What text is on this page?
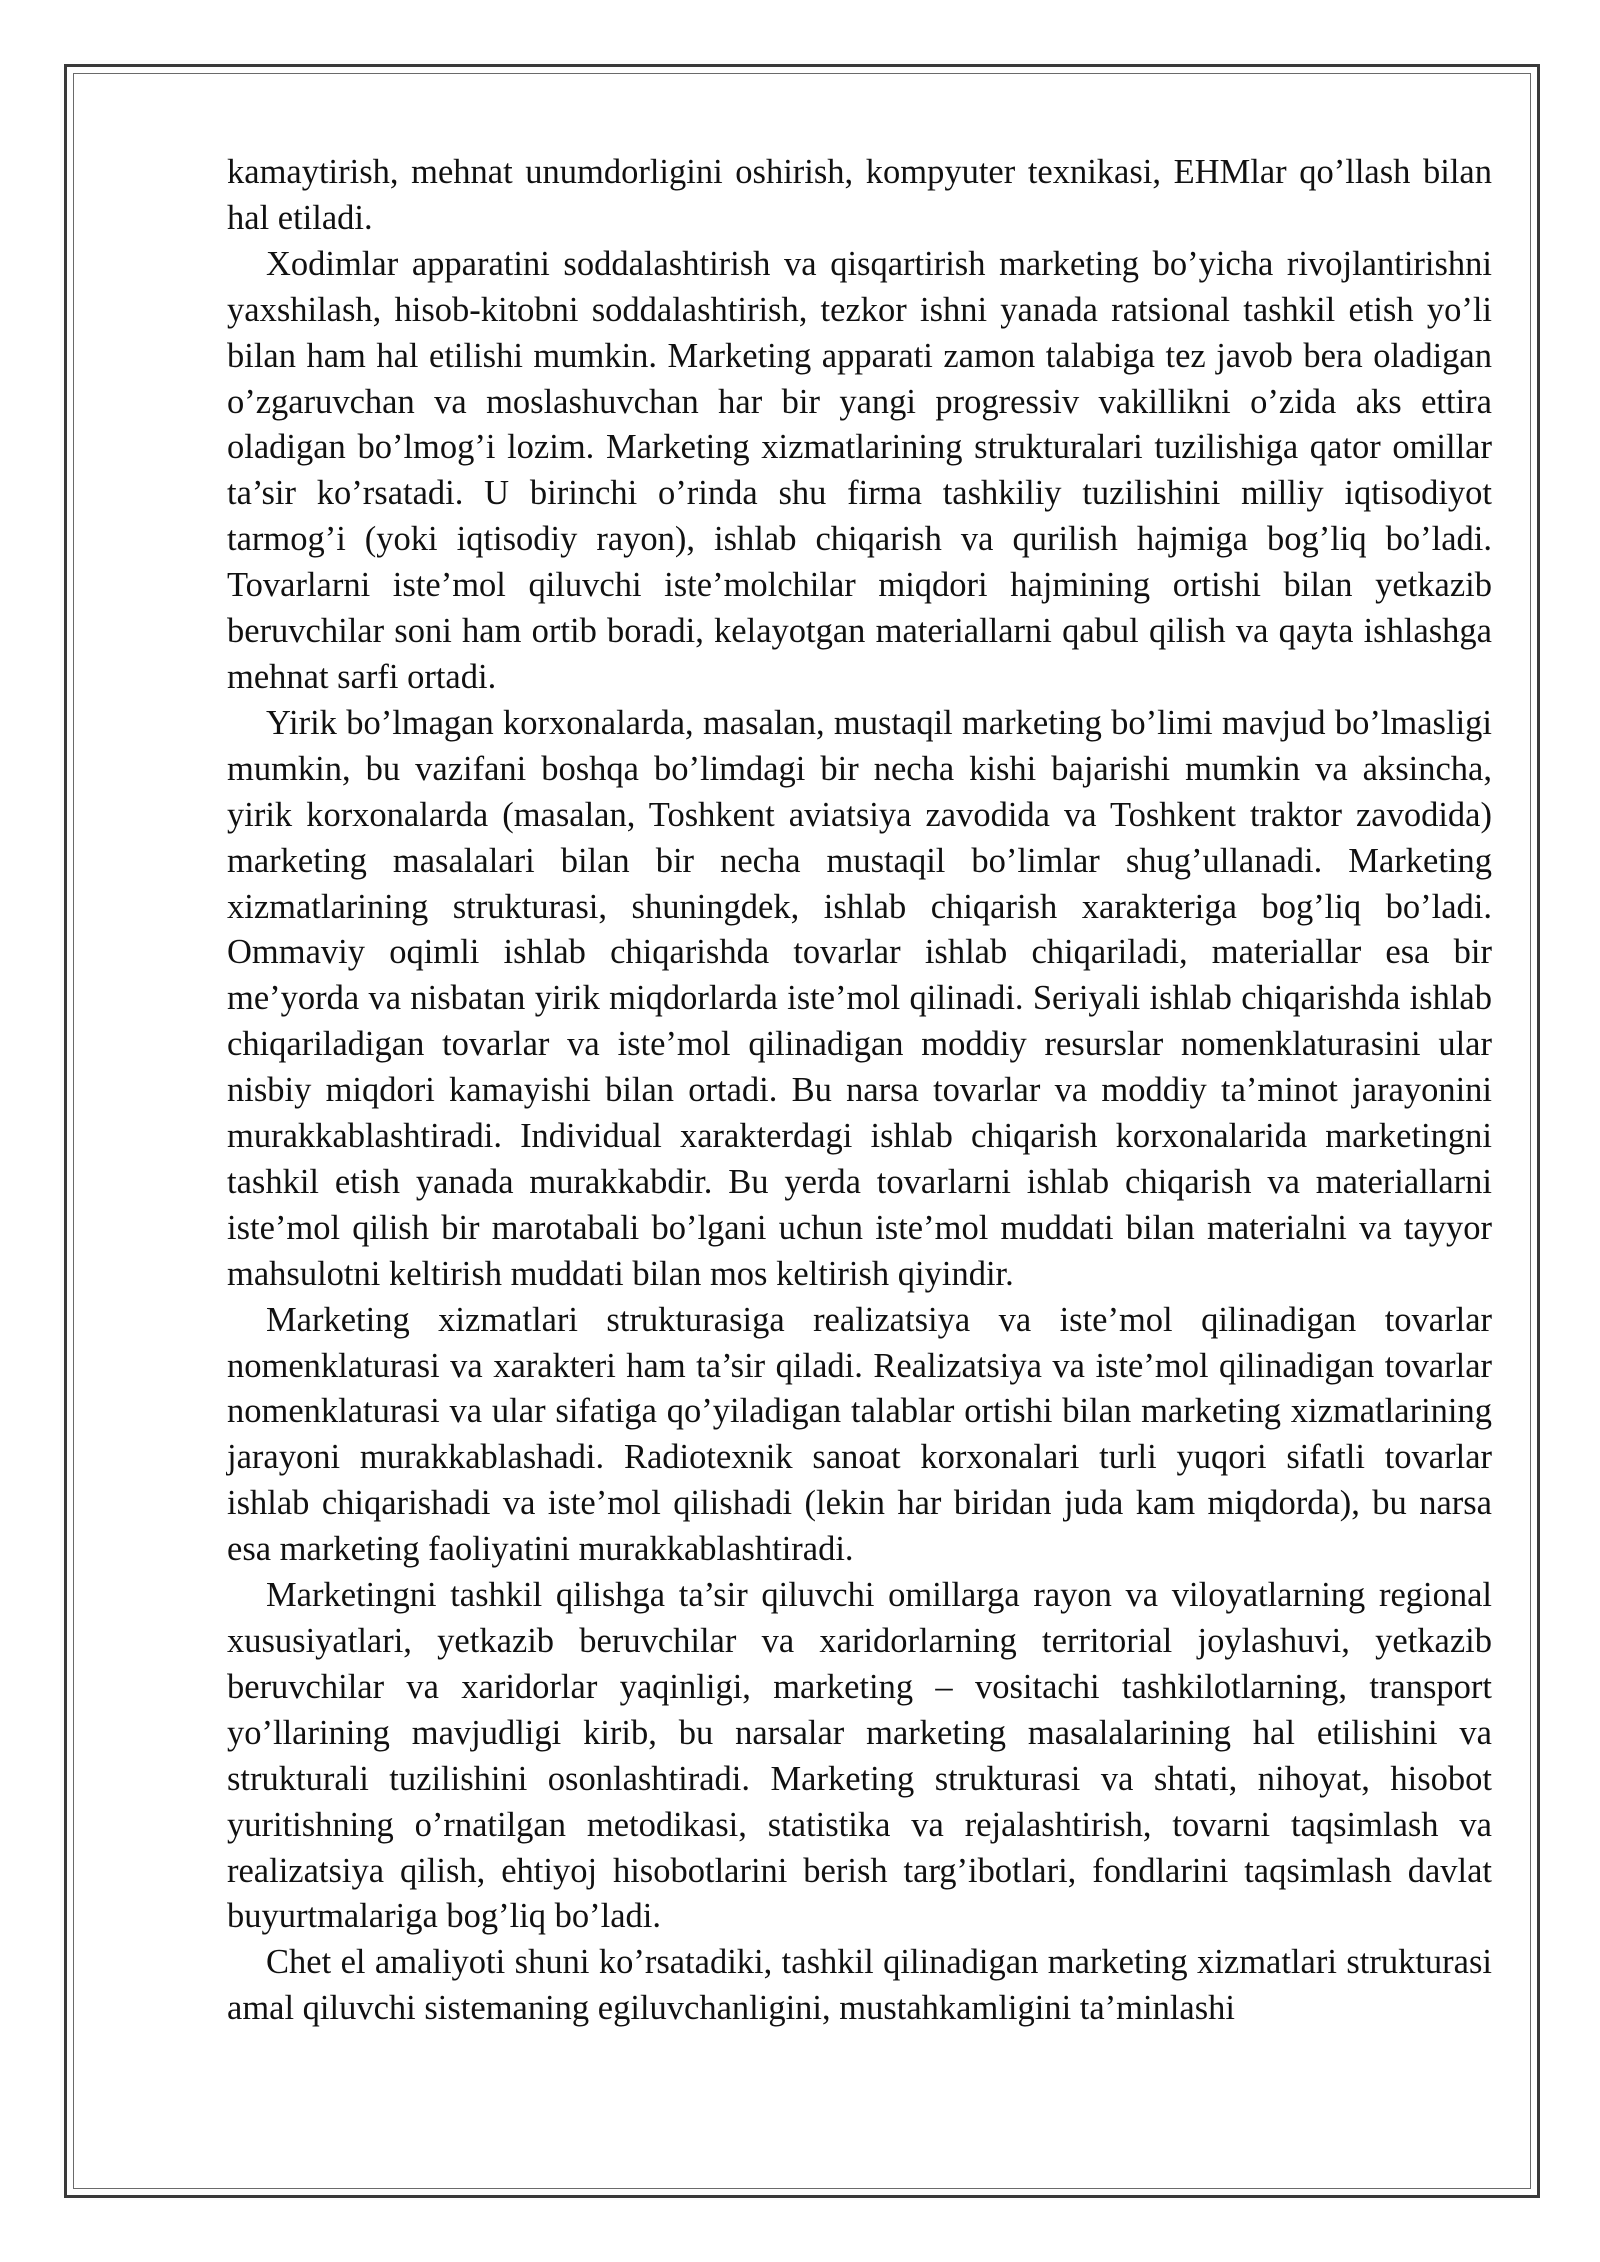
kamaytirish, mehnat unumdorligini oshirish, kompyuter texnikasi, EHMlar qo’llash bilan hal etiladi.

Xodimlar apparatini soddalashtirish va qisqartirish marketing bo’yicha rivojlantirishni yaxshilash, hisob-kitobni soddalashtirish, tezkor ishni yanada ratsional tashkil etish yo’li bilan ham hal etilishi mumkin. Marketing apparati zamon talabiga tez javob bera oladigan o’zgaruvchan va moslashuvchan har bir yangi progressiv vakillikni o’zida aks ettira oladigan bo’lmog’i lozim. Marketing xizmatlarining strukturalari tuzilishiga qator omillar ta’sir ko’rsatadi. U birinchi o’rinda shu firma tashkiliy tuzilishini milliy iqtisodiyot tarmog’i (yoki iqtisodiy rayon), ishlab chiqarish va qurilish hajmiga bog’liq bo’ladi. Tovarlarni iste’mol qiluvchi iste’molchilar miqdori hajmining ortishi bilan yetkazib beruvchilar soni ham ortib boradi, kelayotgan materiallarni qabul qilish va qayta ishlashga mehnat sarfi ortadi.

Yirik bo’lmagan korxonalarda, masalan, mustaqil marketing bo’limi mavjud bo’lmasligi mumkin, bu vazifani boshqa bo’limdagi bir necha kishi bajarishi mumkin va aksincha, yirik korxonalarda (masalan, Toshkent aviatsiya zavodida va Toshkent traktor zavodida) marketing masalalari bilan bir necha mustaqil bo’limlar shug’ullanadi. Marketing xizmatlarining strukturasi, shuningdek, ishlab chiqarish xarakteriga bog’liq bo’ladi. Ommaviy oqimli ishlab chiqarishda tovarlar ishlab chiqariladi, materiallar esa bir me’yorda va nisbatan yirik miqdorlarda iste’mol qilinadi. Seriyali ishlab chiqarishda ishlab chiqariladigan tovarlar va iste’mol qilinadigan moddiy resurslar nomenklaturasini ular nisbiy miqdori kamayishi bilan ortadi. Bu narsa tovarlar va moddiy ta’minot jarayonini murakkablashtiradi. Individual xarakterdagi ishlab chiqarish korxonalarida marketingni tashkil etish yanada murakkabdir. Bu yerda tovarlarni ishlab chiqarish va materiallarni iste’mol qilish bir marotabali bo’lgani uchun iste’mol muddati bilan materialni va tayyor mahsulotni keltirish muddati bilan mos keltirish qiyindir.

Marketing xizmatlari strukturasiga realizatsiya va iste’mol qilinadigan tovarlar nomenklaturasi va xarakteri ham ta’sir qiladi. Realizatsiya va iste’mol qilinadigan tovarlar nomenklaturasi va ular sifatiga qo’yiladigan talablar ortishi bilan marketing xizmatlarining jarayoni murakkablashadi. Radiotexnik sanoat korxonalari turli yuqori sifatli tovarlar ishlab chiqarishadi va iste’mol qilishadi (lekin har biridan juda kam miqdorda), bu narsa esa marketing faoliyatini murakkablashtiradi.

Marketingni tashkil qilishga ta’sir qiluvchi omillarga rayon va viloyatlarning regional xususiyatlari, yetkazib beruvchilar va xaridorlarning territorial joylashuvi, yetkazib beruvchilar va xaridorlar yaqinligi, marketing – vositachi tashkilotlarning, transport yo’llarining mavjudligi kirib, bu narsalar marketing masalalarining hal etilishini va strukturali tuzilishini osonlashtiradi. Marketing strukturasi va shtati, nihoyat, hisobot yuritishning o’rnatilgan metodikasi, statistika va rejalashtirish, tovarni taqsimlash va realizatsiya qilish, ehtiyoj hisobotlarini berish targ’ibotlari, fondlarini taqsimlash davlat buyurtmalariga bog’liq bo’ladi.

Chet el amaliyoti shuni ko’rsatadiki, tashkil qilinadigan marketing xizmatlari strukturasi amal qiluvchi sistemaning egiluvchanligini, mustahkamligini ta’minlashi
